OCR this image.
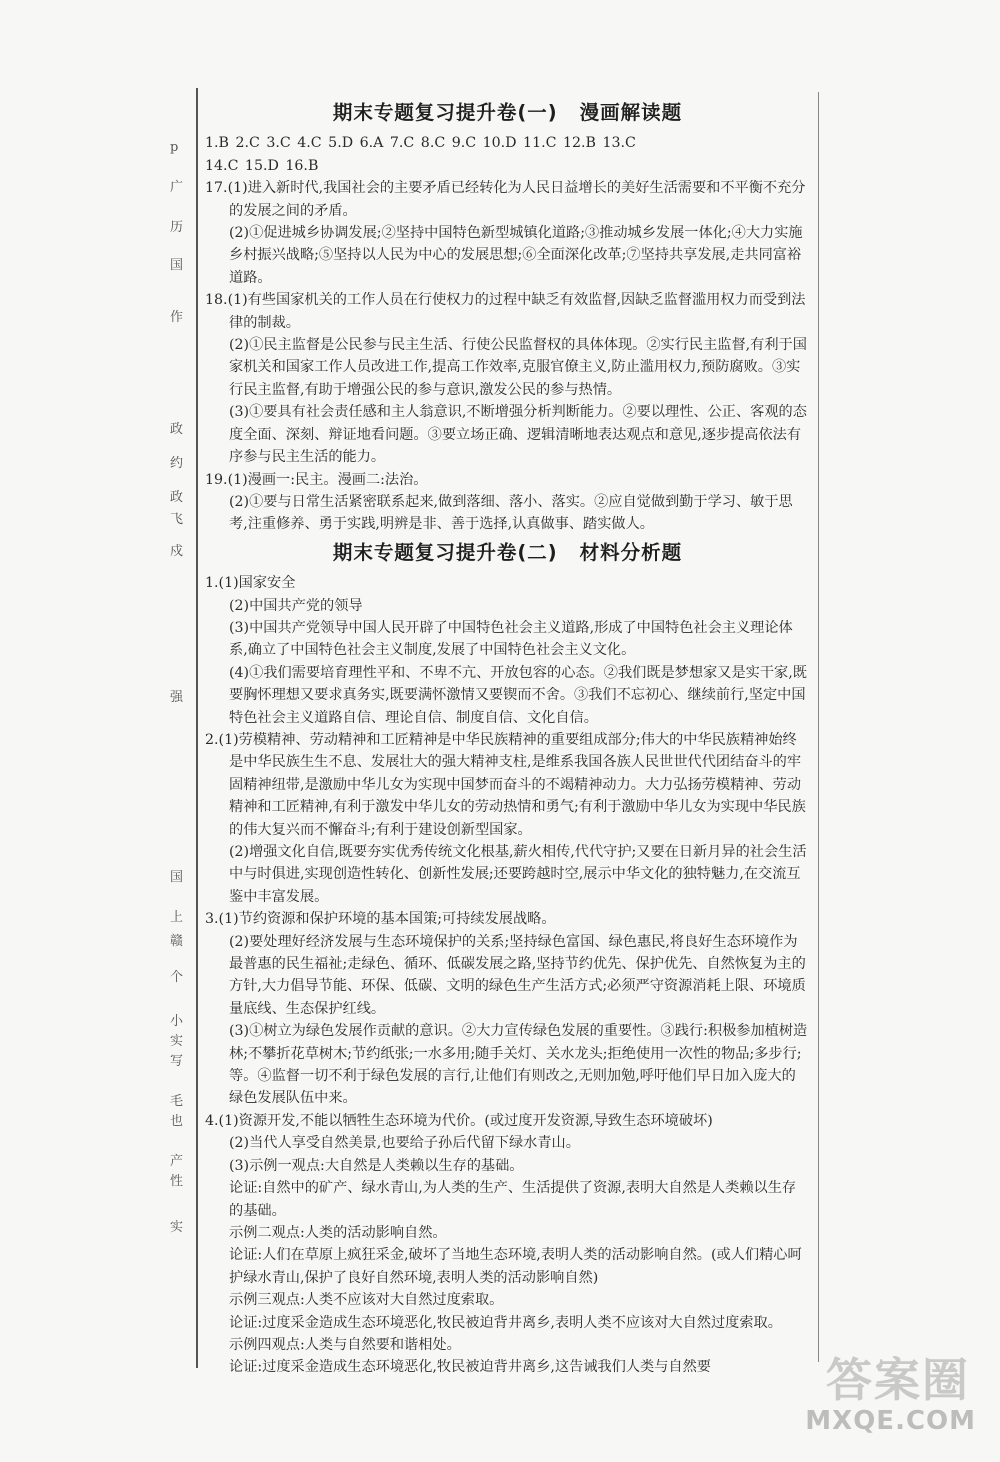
p
广
历
国
作
政
约
政
飞
戍
强
国
上
赣
个
小
实
写
毛
也
产
性
实
期末专题复习提升卷(一) 漫画解读题

1.B 2.C 3.C 4.C 5.D 6.A 7.C 8.C 9.C 10.D 11.C 12.B 13.C

14.C 15.D 16.B

17.(1)进入新时代,我国社会的主要矛盾已经转化为人民日益增长的美好生活需要和不平衡不充分的发展之间的矛盾。

(2)①促进城乡协调发展;②坚持中国特色新型城镇化道路;③推动城乡发展一体化;④大力实施乡村振兴战略;⑤坚持以人民为中心的发展思想;⑥全面深化改革;⑦坚持共享发展,走共同富裕道路。

18.(1)有些国家机关的工作人员在行使权力的过程中缺乏有效监督,因缺乏监督滥用权力而受到法律的制裁。

(2)①民主监督是公民参与民主生活、行使公民监督权的具体体现。②实行民主监督,有利于国家机关和国家工作人员改进工作,提高工作效率,克服官僚主义,防止滥用权力,预防腐败。③实行民主监督,有助于增强公民的参与意识,激发公民的参与热情。

(3)①要具有社会责任感和主人翁意识,不断增强分析判断能力。②要以理性、公正、客观的态度全面、深刻、辩证地看问题。③要立场正确、逻辑清晰地表达观点和意见,逐步提高依法有序参与民主生活的能力。

19.(1)漫画一:民主。漫画二:法治。

(2)①要与日常生活紧密联系起来,做到落细、落小、落实。②应自觉做到勤于学习、敏于思考,注重修养、勇于实践,明辨是非、善于选择,认真做事、踏实做人。

期末专题复习提升卷(二) 材料分析题

1.(1)国家安全

(2)中国共产党的领导

(3)中国共产党领导中国人民开辟了中国特色社会主义道路,形成了中国特色社会主义理论体系,确立了中国特色社会主义制度,发展了中国特色社会主义文化。

(4)①我们需要培育理性平和、不卑不亢、开放包容的心态。②我们既是梦想家又是实干家,既要胸怀理想又要求真务实,既要满怀激情又要锲而不舍。③我们不忘初心、继续前行,坚定中国特色社会主义道路自信、理论自信、制度自信、文化自信。

2.(1)劳模精神、劳动精神和工匠精神是中华民族精神的重要组成部分;伟大的中华民族精神始终是中华民族生生不息、发展壮大的强大精神支柱,是维系我国各族人民世世代代团结奋斗的牢固精神纽带,是激励中华儿女为实现中国梦而奋斗的不竭精神动力。大力弘扬劳模精神、劳动精神和工匠精神,有利于激发中华儿女的劳动热情和勇气;有利于激励中华儿女为实现中华民族的伟大复兴而不懈奋斗;有利于建设创新型国家。

(2)增强文化自信,既要夯实优秀传统文化根基,薪火相传,代代守护;又要在日新月异的社会生活中与时俱进,实现创造性转化、创新性发展;还要跨越时空,展示中华文化的独特魅力,在交流互鉴中丰富发展。

3.(1)节约资源和保护环境的基本国策;可持续发展战略。

(2)要处理好经济发展与生态环境保护的关系;坚持绿色富国、绿色惠民,将良好生态环境作为最普惠的民生福祉;走绿色、循环、低碳发展之路,坚持节约优先、保护优先、自然恢复为主的方针,大力倡导节能、环保、低碳、文明的绿色生产生活方式;必须严守资源消耗上限、环境质量底线、生态保护红线。

(3)①树立为绿色发展作贡献的意识。②大力宣传绿色发展的重要性。③践行:积极参加植树造林;不攀折花草树木;节约纸张;一水多用;随手关灯、关水龙头;拒绝使用一次性的物品;多步行;等。④监督一切不利于绿色发展的言行,让他们有则改之,无则加勉,呼吁他们早日加入庞大的绿色发展队伍中来。

4.(1)资源开发,不能以牺牲生态环境为代价。(或过度开发资源,导致生态环境破坏)

(2)当代人享受自然美景,也要给子孙后代留下绿水青山。

(3)示例一观点:大自然是人类赖以生存的基础。

论证:自然中的矿产、绿水青山,为人类的生产、生活提供了资源,表明大自然是人类赖以生存的基础。

示例二观点:人类的活动影响自然。

论证:人们在草原上疯狂采金,破坏了当地生态环境,表明人类的活动影响自然。(或人们精心呵护绿水青山,保护了良好自然环境,表明人类的活动影响自然)

示例三观点:人类不应该对大自然过度索取。

论证:过度采金造成生态环境恶化,牧民被迫背井离乡,表明人类不应该对大自然过度索取。

示例四观点:人类与自然要和谐相处。

论证:过度采金造成生态环境恶化,牧民被迫背井离乡,这告诫我们人类与自然要	答案圈
MXQE.COM
